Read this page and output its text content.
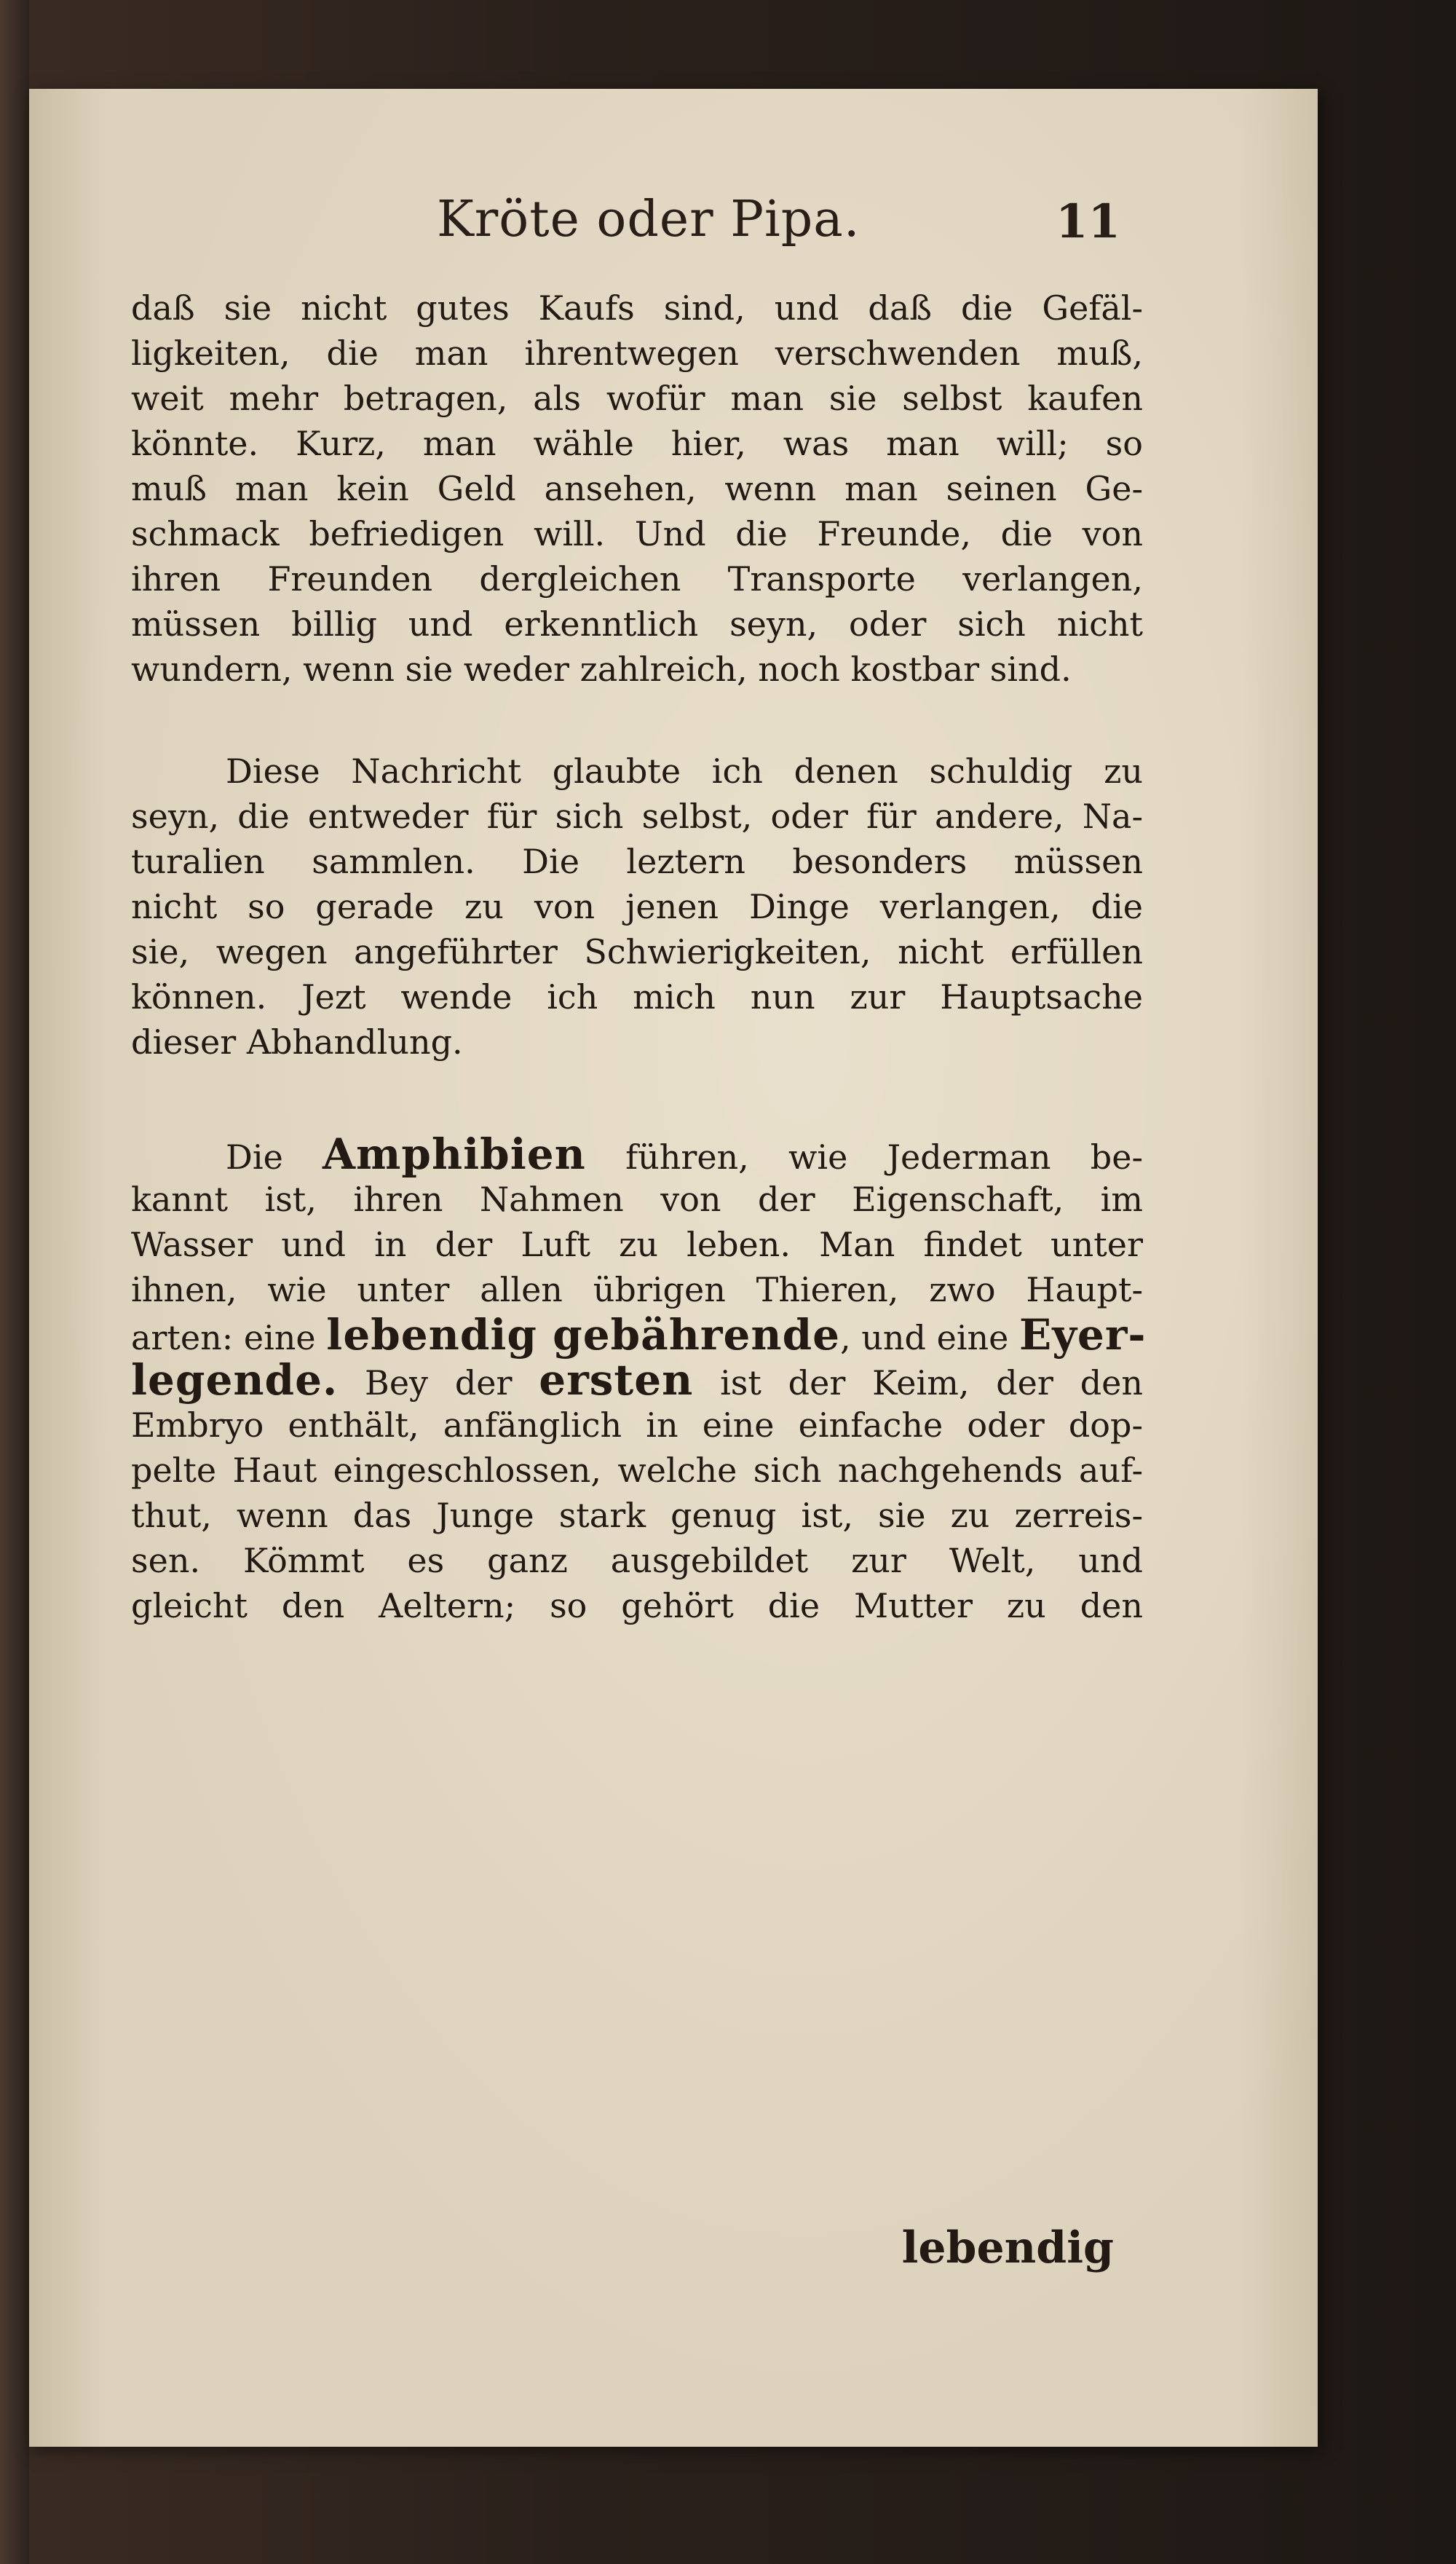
Kröte oder Pipa.	11
daß sie nicht gutes Kaufs sind, und daß die Gefäl-
ligkeiten, die man ihrentwegen verschwenden muß,
weit mehr betragen, als wofür man sie selbst kaufen
könnte. Kurz, man wähle hier, was man will; so
muß man kein Geld ansehen, wenn man seinen Ge-
schmack befriedigen will. Und die Freunde, die von
ihren Freunden dergleichen Transporte verlangen,
müssen billig und erkenntlich seyn, oder sich nicht
wundern, wenn sie weder zahlreich, noch kostbar sind.
Diese Nachricht glaubte ich denen schuldig zu
seyn, die entweder für sich selbst, oder für andere, Na-
turalien sammlen. Die leztern besonders müssen
nicht so gerade zu von jenen Dinge verlangen, die
sie, wegen angeführter Schwierigkeiten, nicht erfüllen
können. Jezt wende ich mich nun zur Hauptsache
dieser Abhandlung.
Die Amphibien führen, wie Jederman be-
kannt ist, ihren Nahmen von der Eigenschaft, im
Wasser und in der Luft zu leben. Man findet unter
ihnen, wie unter allen übrigen Thieren, zwo Haupt-
arten: eine lebendig gebährende, und eine Eyer-
legende. Bey der ersten ist der Keim, der den
Embryo enthält, anfänglich in eine einfache oder dop-
pelte Haut eingeschlossen, welche sich nachgehends auf-
thut, wenn das Junge stark genug ist, sie zu zerreis-
sen. Kömmt es ganz ausgebildet zur Welt, und
gleicht den Aeltern; so gehört die Mutter zu den
lebendig
